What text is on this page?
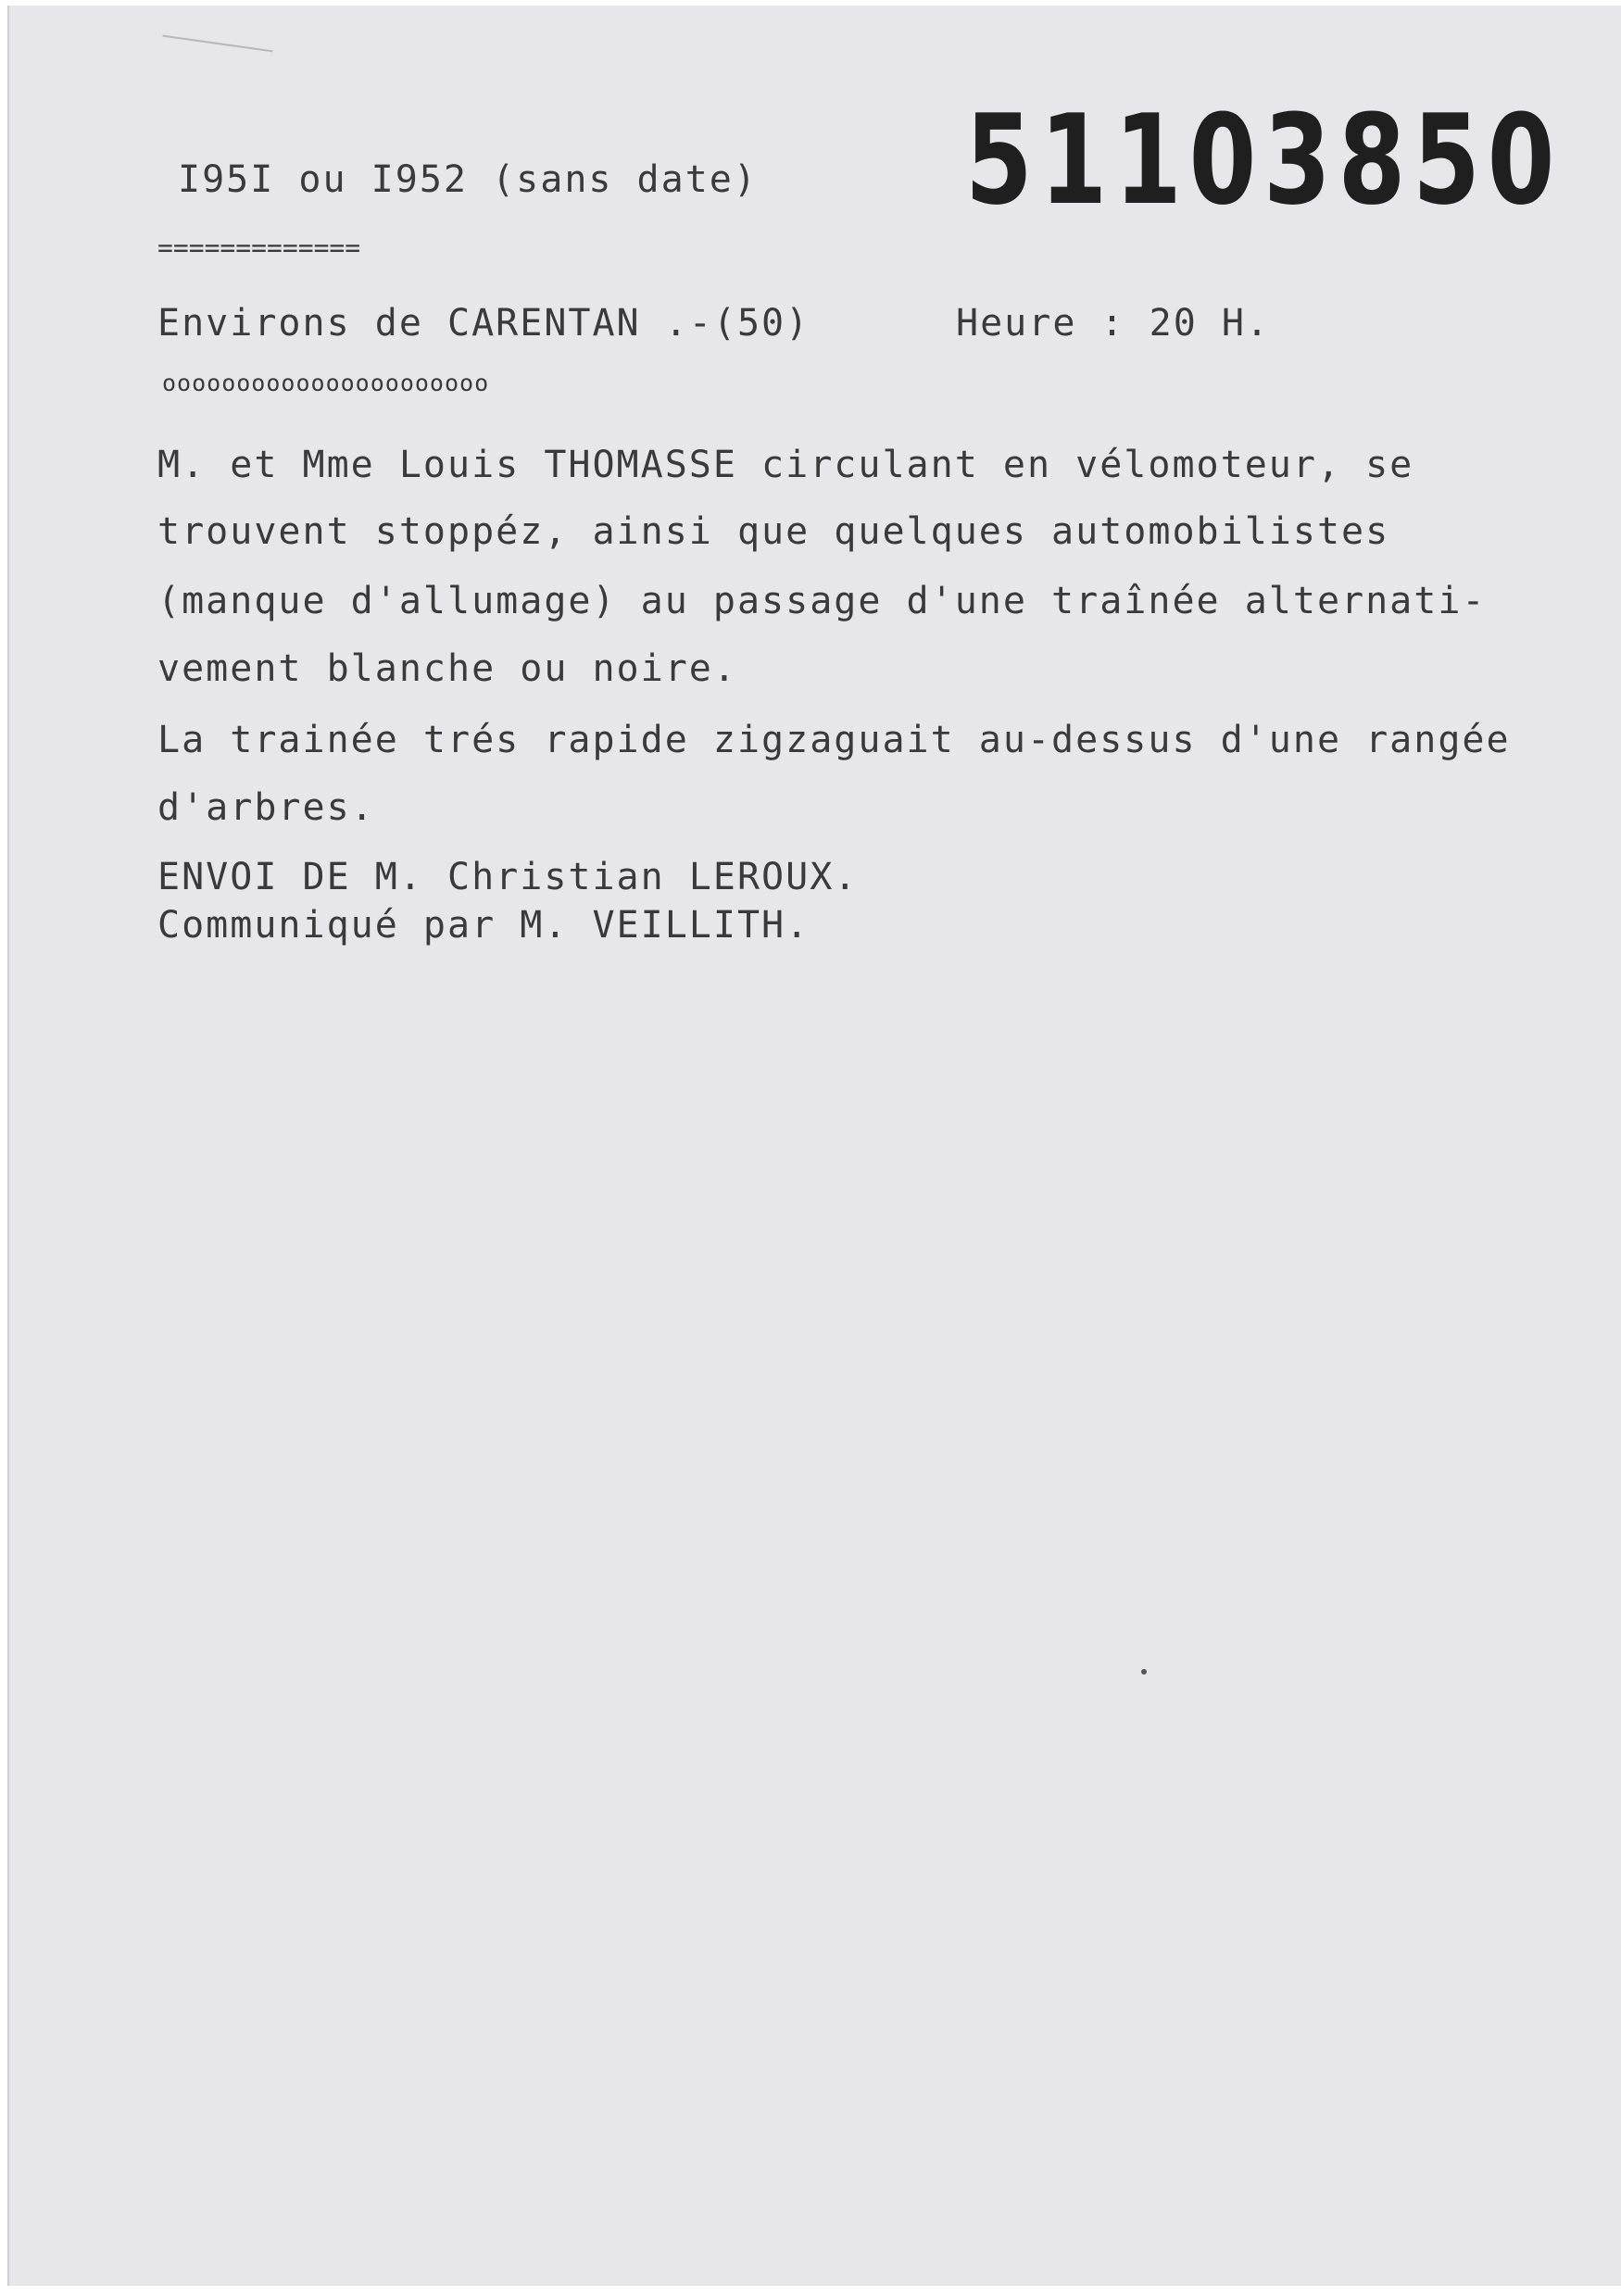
I95I ou I952 (sans date)
=============
51103850
Environs de CARENTAN .-(50)	Heure : 20 H.
oooooooooooooooooooooo
M. et Mme Louis THOMASSE circulant en vélomoteur, se
trouvent stoppéz, ainsi que quelques automobilistes
(manque d'allumage) au passage d'une traînée alternati-
vement blanche ou noire.
La trainée trés rapide zigzaguait au-dessus d'une rangée
d'arbres.
ENVOI DE M. Christian LEROUX.
Communiqué par M. VEILLITH.
